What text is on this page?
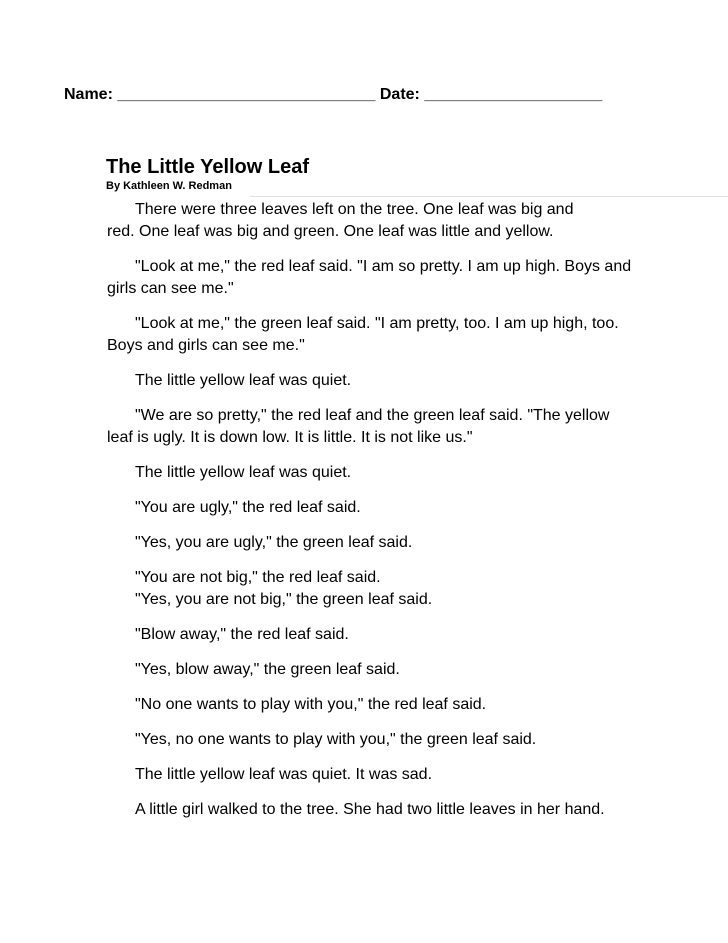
Name: _____________________________ Date: ____________________
The Little Yellow Leaf
By Kathleen W. Redman
There were three leaves left on the tree. One leaf was big and
red. One leaf was big and green. One leaf was little and yellow.
"Look at me," the red leaf said. "I am so pretty. I am up high. Boys and
girls can see me."
"Look at me," the green leaf said. "I am pretty, too. I am up high, too.
Boys and girls can see me."
The little yellow leaf was quiet.
"We are so pretty," the red leaf and the green leaf said. "The yellow
leaf is ugly. It is down low. It is little. It is not like us."
The little yellow leaf was quiet.
"You are ugly," the red leaf said.
"Yes, you are ugly," the green leaf said.
"You are not big," the red leaf said.
"Yes, you are not big," the green leaf said.
"Blow away," the red leaf said.
"Yes, blow away," the green leaf said.
"No one wants to play with you," the red leaf said.
"Yes, no one wants to play with you," the green leaf said.
The little yellow leaf was quiet. It was sad.
A little girl walked to the tree. She had two little leaves in her hand.
